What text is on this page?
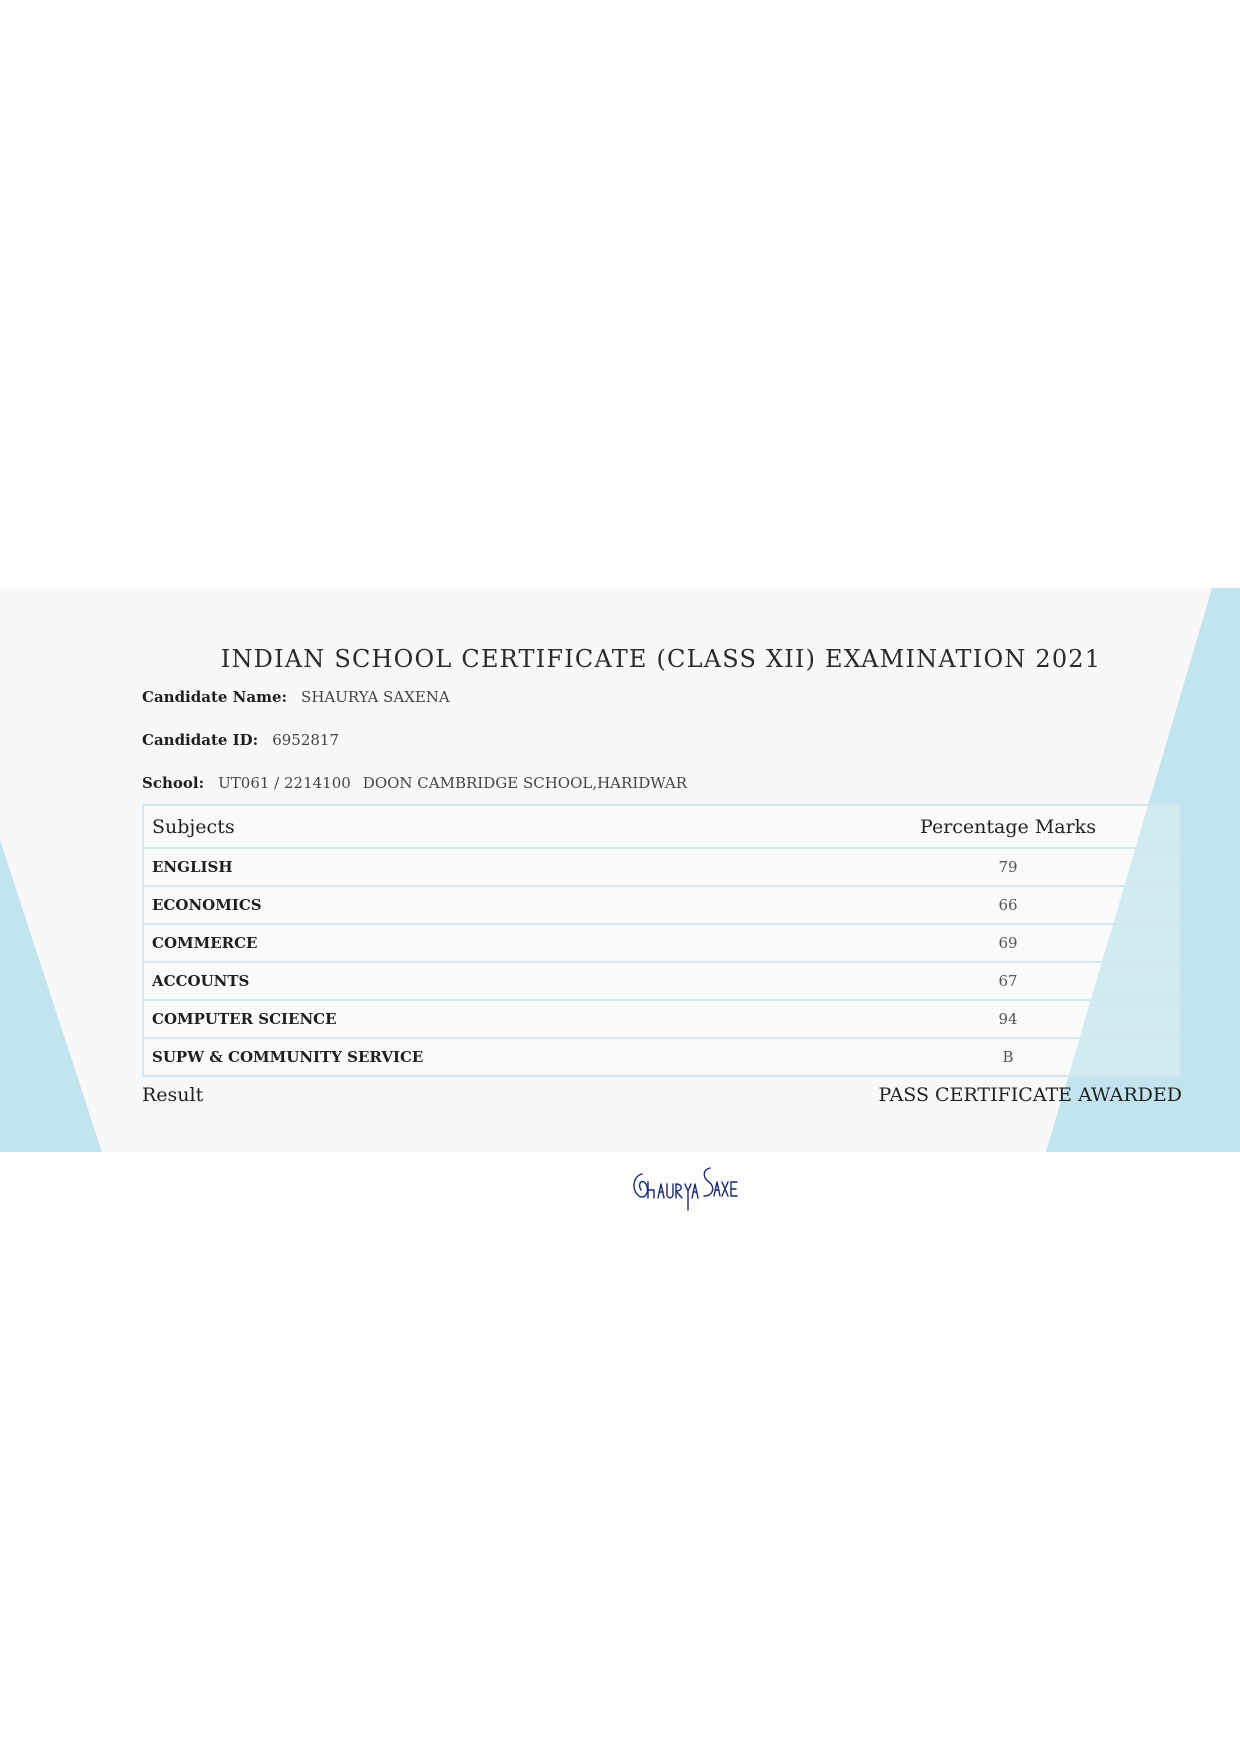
INDIAN SCHOOL CERTIFICATE (CLASS XII) EXAMINATION 2021
Candidate Name: SHAURYA SAXENA
Candidate ID: 6952817
School: UT061 / 2214100 DOON CAMBRIDGE SCHOOL,HARIDWAR
Subjects	Percentage Marks
ENGLISH	79
ECONOMICS	66
COMMERCE	69
ACCOUNTS	67
COMPUTER SCIENCE	94
SUPW & COMMUNITY SERVICE	B
Result	PASS CERTIFICATE AWARDED
